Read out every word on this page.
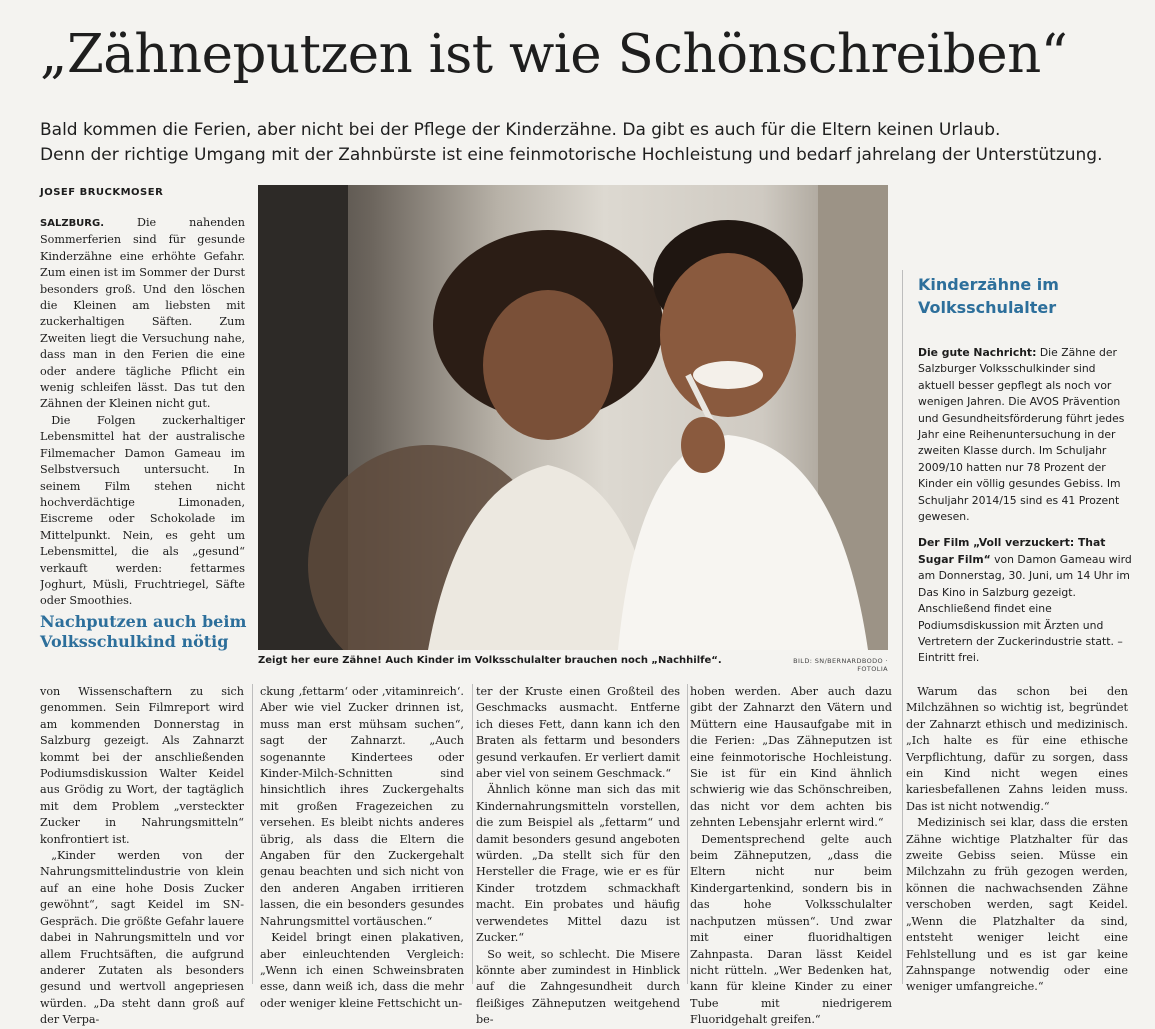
„Zähneputzen ist wie Schönschreiben“
Bald kommen die Ferien, aber nicht bei der Pflege der Kinderzähne. Da gibt es auch für die Eltern keinen Urlaub.
Denn der richtige Umgang mit der Zahnbürste ist eine feinmotorische Hochleistung und bedarf jahrelang der Unterstützung.
JOSEF BRUCKMOSER

SALZBURG.	Die nahenden Sommerferien sind für gesunde Kinderzähne eine erhöhte Gefahr. Zum einen ist im Sommer der Durst besonders groß. Und den löschen die Kleinen am liebsten mit zuckerhaltigen Säften. Zum Zweiten liegt die Versuchung nahe, dass man in den Ferien die eine oder andere tägliche Pflicht ein wenig schleifen lässt. Das tut den Zähnen der Kleinen nicht gut.

Die Folgen zuckerhaltiger Lebensmittel hat der australische Filmemacher Damon Gameau im Selbstversuch untersucht. In seinem Film stehen nicht hochverdächtige Limonaden, Eiscreme oder Schokolade im Mittelpunkt. Nein, es geht um Lebensmittel, die als „gesund“ verkauft werden: fettarmes Joghurt, Müsli, Fruchtriegel, Säfte oder Smoothies.

Nachputzen auch beim Volksschulkind nötig
Zeigt her eure Zähne! Auch Kinder im Volksschulalter brauchen noch „Nachhilfe“.	BILD: SN/BERNARDBODO · FOTOLIA
Kinderzähne im Volksschulalter

Die gute Nachricht: Die Zähne der Salzburger Volksschulkinder sind aktuell besser gepflegt als noch vor wenigen Jahren. Die AVOS Prävention und Gesundheitsförderung führt jedes Jahr eine Reihenuntersuchung in der zweiten Klasse durch. Im Schuljahr 2009/10 hatten nur 78 Prozent der Kinder ein völlig gesundes Gebiss. Im Schuljahr 2014/15 sind es 41 Prozent gewesen.

Der Film „Voll verzuckert: That Sugar Film“ von Damon Gameau wird am Donnerstag, 30. Juni, um 14 Uhr im Das Kino in Salzburg gezeigt. Anschließend findet eine Podiumsdiskussion mit Ärzten und Vertretern der Zuckerindustrie statt. – Eintritt frei.

von Wissenschaftern zu sich genommen. Sein Filmreport wird am kommenden Donnerstag in Salzburg gezeigt. Als Zahnarzt kommt bei der anschließenden Podiumsdiskussion Walter Keidel aus Grödig zu Wort, der tagtäglich mit dem Problem „versteckter Zucker in Nahrungsmitteln“ konfrontiert ist.

„Kinder werden von der Nahrungsmittelindustrie von klein auf an eine hohe Dosis Zucker gewöhnt“, sagt Keidel im SN-Gespräch. Die größte Gefahr lauere dabei in Nahrungsmitteln und vor allem Fruchtsäften, die aufgrund anderer Zutaten als besonders gesund und wertvoll angepriesen würden. „Da steht dann groß auf der Verpa-

ckung ‚fettarm‘ oder ‚vitaminreich‘. Aber wie viel Zucker drinnen ist, muss man erst mühsam suchen“, sagt der Zahnarzt. „Auch sogenannte Kindertees oder Kinder-Milch-Schnitten sind hinsichtlich ihres Zuckergehalts mit großen Fragezeichen zu versehen. Es bleibt nichts anderes übrig, als dass die Eltern die Angaben für den Zuckergehalt genau beachten und sich nicht von den anderen Angaben irritieren lassen, die ein besonders gesundes Nahrungsmittel vortäuschen.“

Keidel bringt einen plakativen, aber einleuchtenden Vergleich: „Wenn ich einen Schweinsbraten esse, dann weiß ich, dass die mehr oder weniger kleine Fettschicht un-

ter der Kruste einen Großteil des Geschmacks ausmacht. Entferne ich dieses Fett, dann kann ich den Braten als fettarm und besonders gesund verkaufen. Er verliert damit aber viel von seinem Geschmack.“

Ähnlich könne man sich das mit Kindernahrungsmitteln vorstellen, die zum Beispiel als „fettarm“ und damit besonders gesund angeboten würden. „Da stellt sich für den Hersteller die Frage, wie er es für Kinder trotzdem schmackhaft macht. Ein probates und häufig verwendetes Mittel dazu ist Zucker.“

So weit, so schlecht. Die Misere könnte aber zumindest in Hinblick auf die Zahngesundheit durch fleißiges Zähneputzen weitgehend be-

hoben werden. Aber auch dazu gibt der Zahnarzt den Vätern und Müttern eine Hausaufgabe mit in die Ferien: „Das Zähneputzen ist eine feinmotorische Hochleistung. Sie ist für ein Kind ähnlich schwierig wie das Schönschreiben, das nicht vor dem achten bis zehnten Lebensjahr erlernt wird.“

Dementsprechend gelte auch beim Zähneputzen, „dass die Eltern nicht nur beim Kindergartenkind, sondern bis in das hohe Volksschulalter nachputzen müssen“. Und zwar mit einer fluoridhaltigen Zahnpasta. Daran lässt Keidel nicht rütteln. „Wer Bedenken hat, kann für kleine Kinder zu einer Tube mit niedrigerem Fluoridgehalt greifen.“

Warum das schon bei den Milchzähnen so wichtig ist, begründet der Zahnarzt ethisch und medizinisch. „Ich halte es für eine ethische Verpflichtung, dafür zu sorgen, dass ein Kind nicht wegen eines kariesbefallenen Zahns leiden muss. Das ist nicht notwendig.“

Medizinisch sei klar, dass die ersten Zähne wichtige Platzhalter für das zweite Gebiss seien. Müsse ein Milchzahn zu früh gezogen werden, können die nachwachsenden Zähne verschoben werden, sagt Keidel. „Wenn die Platzhalter da sind, entsteht weniger leicht eine Fehlstellung und es ist gar keine Zahnspange notwendig oder eine weniger umfangreiche.“
